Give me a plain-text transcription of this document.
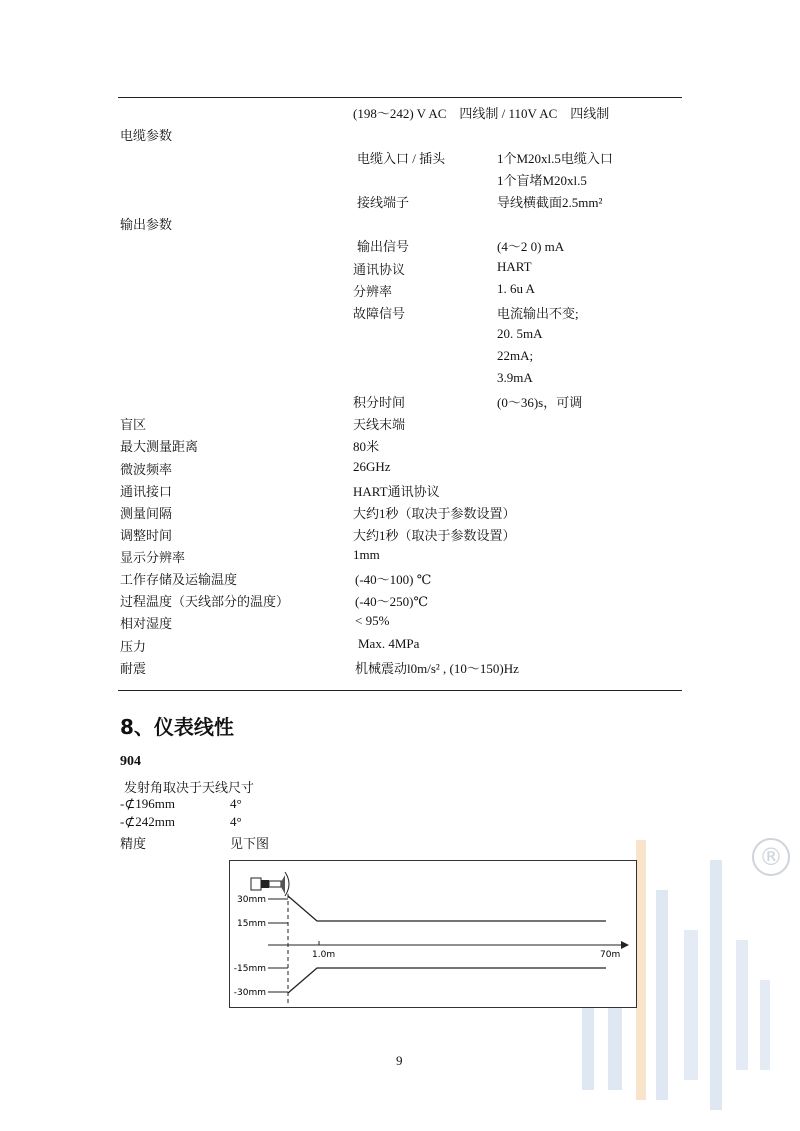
(198～242) V AC　四线制 / 110V AC　四线制
电缆参数
电缆入口 / 插头	1个M20xl.5电缆入口
1个盲堵M20xl.5
接线端子	导线横截面2.5mm²
输出参数
输出信号	(4～2 0) mA
通讯协议	HART
分辨率	1. 6u A
故障信号	电流输出不变;
20. 5mA
22mA;
3.9mA
积分时间	(0～36)s，可调
盲区	天线末端
最大测量距离	80米
微波频率	26GHz
通讯接口	HART通讯协议
测量间隔	大约1秒（取决于参数设置）
调整时间	大约1秒（取决于参数设置）
显示分辨率	1mm
工作存储及运输温度	(-40～100) ℃
过程温度（天线部分的温度）	(-40～250)℃
相对湿度	< 95%
压力	Max. 4MPa
耐震	机械震动l0m/s² , (10～150)Hz
8、仪表线性
904
发射角取决于天线尺寸
-⊄196mm	4°
-⊄242mm	4°
精度	见下图	®
30mm
15mm
-15mm
-30mm
1.0m	70m
9
